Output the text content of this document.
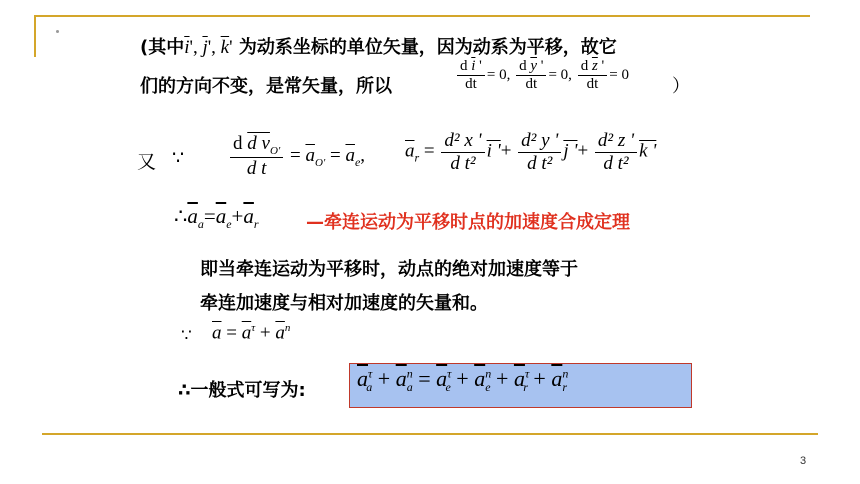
(其中$\overline{i}'$, $\overline{j}'$, $\overline{k}'$ 为动系坐标的单位矢量，因为动系为平移，故它
们的方向不变，是常矢量，所以	$\frac{d \overline{i} '}{dt} = 0$, $\frac{d \overline{y} '}{dt} = 0$, $\frac{d \overline{z} '}{dt} = 0$
）
又 ∵ $\frac{d d v_{O'}}{\text{d t}} = \overline{a}_{O'} = \overline{a}_e$, $\overline{a}_r = \frac{\text{d² x '}}{\text{d t²}}$ i '+ $\frac{\text{d² y '}}{\text{d t²}}$ j '+ $\frac{\text{d² z '}}{\text{d t²}}$ k '
$\therefore\overline{a}_a=\overline{a}_e+\overline{a}_r$	—牵连运动为平移时点的加速度合成定理
即当牵连运动为平移时，动点的绝对加速度等于
牵连加速度与相对加速度的矢量和。
∵ $\overline{a} = \overline{a}^\tau + \overline{a}^n$
∴一般式可写为: $\overline{a}^\tau_a + \overline{a}^n_a = \overline{a}^\tau_e + \overline{a}^n_e + \overline{a}^\tau_r + \overline{a}^n_r$
3
